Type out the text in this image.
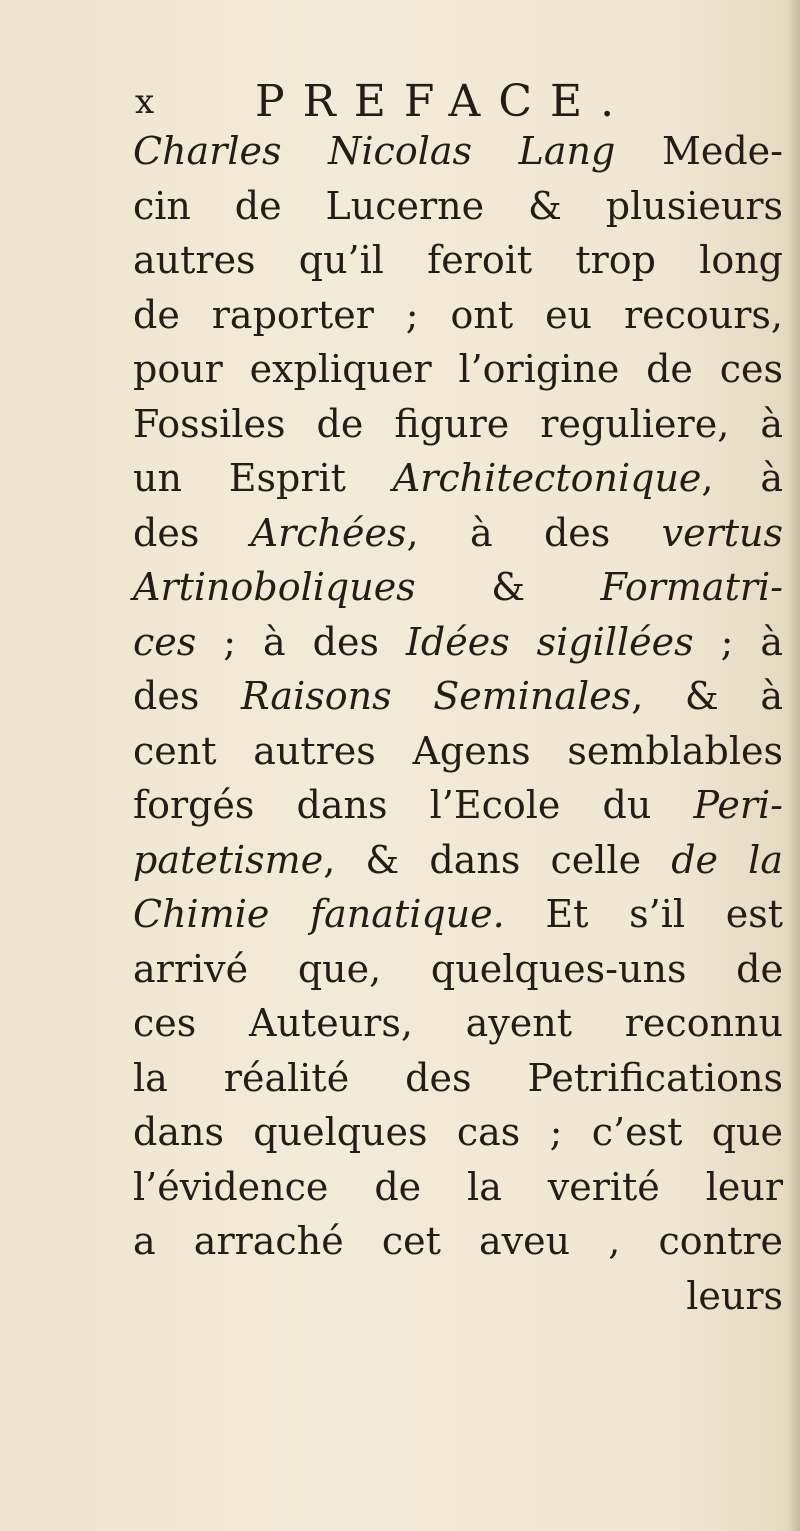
x PREFACE.
Charles Nicolas Lang Mede-
cin de Lucerne & plusieurs
autres qu’il feroit trop long
de raporter ; ont eu recours,
pour expliquer l’origine de ces
Fossiles de figure reguliere, à
un Esprit Architectonique, à
des Archées, à des vertus
Artinoboliques & Formatri-
ces ; à des Idées sigillées ; à
des Raisons Seminales, & à
cent autres Agens semblables
forgés dans l’Ecole du Peri-
patetisme, & dans celle de la
Chimie fanatique. Et s’il est
arrivé que, quelques-uns de
ces Auteurs, ayent reconnu
la réalité des Petrifications
dans quelques cas ; c’est que
l’évidence de la verité leur
a arraché cet aveu , contre
leurs
